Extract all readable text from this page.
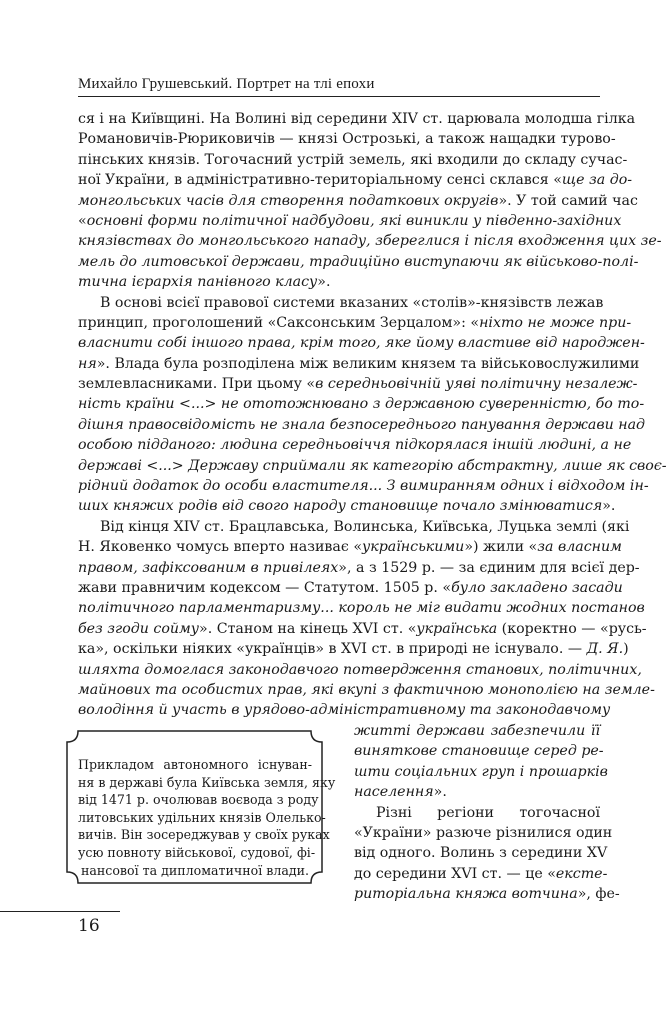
Михайло Грушевський. Портрет на тлі епохи
ся і на Київщині. На Волині від середини XIV ст. царювала молодша гілка
Романовичів-Рюриковичів — князі Острозькі, а також нащадки турово-
пінських князів. Тогочасний устрій земель, які входили до складу сучас-
ної України, в адміністративно-територіальному сенсі склався «ще за до-
монгольських часів для створення податкових округів». У той самий час
«основні форми політичної надбудови, які виникли у південно-західних
князівствах до монгольського нападу, збереглися і після входження цих зе-
мель до литовської держави, традиційно виступаючи як військово-полі-
тична ієрархія панівного класу».
В основі всієї правової системи вказаних «столів»-князівств лежав
принцип, проголошений «Саксонським Зерцалом»: «ніхто не може при-
власнити собі іншого права, крім того, яке йому властиве від народжен-
ня». Влада була розподілена між великим князем та військовослужилими
землевласниками. При цьому «в середньовічній уяві політичну незалеж-
ність країни <...> не ототожнювано з державною суверенністю, бо то-
дішня правосвідомість не знала безпосереднього панування держави над
особою підданого: людина середньовіччя підкорялася іншій людині, а не
державі <...> Державу сприймали як категорію абстрактну, лише як своє-
рідний додаток до особи властителя... З вимиранням одних і відходом ін-
ших княжих родів від свого народу становище почало змінюватися».
Від кінця XIV ст. Брацлавська, Волинська, Київська, Луцька землі (які
Н. Яковенко чомусь вперто називає «українськими») жили «за власним
правом, зафіксованим в привілеях», а з 1529 р. — за єдиним для всієї дер-
жави правничим кодексом — Статутом. 1505 р. «було закладено засади
політичного парламентаризму... король не міг видати жодних постанов
без згоди сойму». Станом на кінець XVI ст. «українська (коректно — «русь-
ка», оскільки ніяких «українців» в XVI ст. в природі не існувало. — Д. Я.)
шляхта домоглася законодавчого потвердження станових, політичних,
майнових та особистих прав, які вкупі з фактичною монополією на земле-
володіння й участь в урядово-адміністративному та законодавчому
Прикладом автономного існуван-
ня в державі була Київська земля, яку
від 1471 р. очолював воєвода з роду
литовських удільних князів Олелько-
вичів. Він зосереджував у своїх руках
усю повноту військової, судової, фі-
нансової та дипломатичної влади.
житті держави забезпечили її
виняткове становище серед ре-
шти соціальних груп і прошарків
населення».
Різні регіони тогочасної
«України» разюче різнилися один
від одного. Волинь з середини XV
до середини XVI ст. — це «ексте-
риторіальна княжа вотчина», фе-
16
